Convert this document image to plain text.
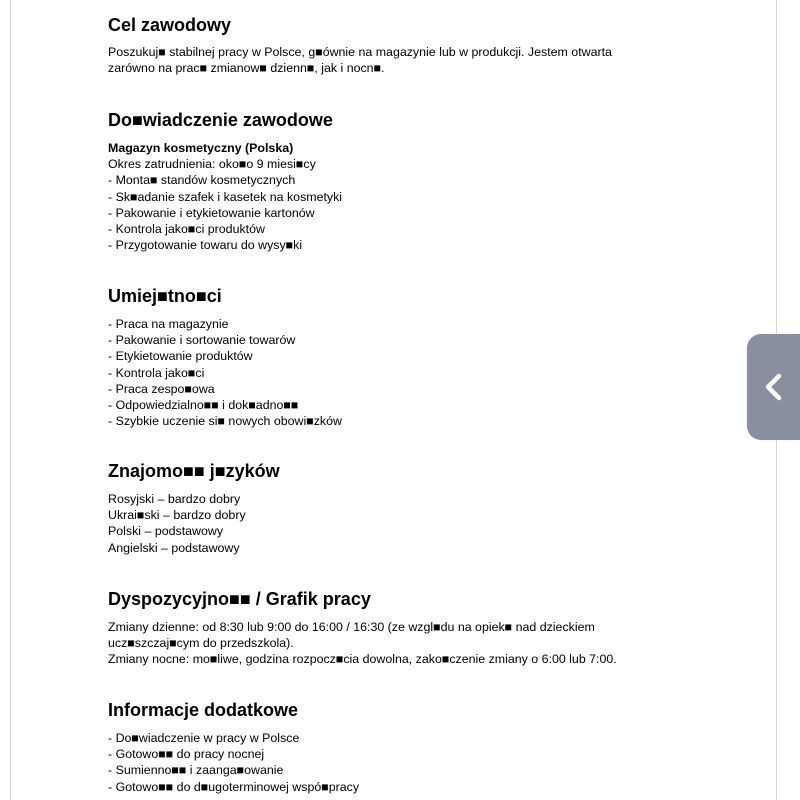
Cel zawodowy

Poszukuj■ stabilnej pracy w Polsce, g■ównie na magazynie lub w produkcji. Jestem otwarta
zarówno na prac■ zmianow■ dzienn■, jak i nocn■.

Do■wiadczenie zawodowe
Magazyn kosmetyczny (Polska)
Okres zatrudnienia: oko■o 9 miesi■cy
- Monta■ standów kosmetycznych
- Sk■adanie szafek i kasetek na kosmetyki
- Pakowanie i etykietowanie kartonów
- Kontrola jako■ci produktów
- Przygotowanie towaru do wysy■ki
Umiej■tno■ci
- Praca na magazynie
- Pakowanie i sortowanie towarów
- Etykietowanie produktów
- Kontrola jako■ci
- Praca zespo■owa
- Odpowiedzialno■■ i dok■adno■■
- Szybkie uczenie si■ nowych obowi■zków
Znajomo■■ j■zyków
Rosyjski – bardzo dobry
Ukrai■ski – bardzo dobry
Polski – podstawowy
Angielski – podstawowy
Dyspozycyjno■■ / Grafik pracy
Zmiany dzienne: od 8:30 lub 9:00 do 16:00 / 16:30 (ze wzgl■du na opiek■ nad dzieckiem
ucz■szczaj■cym do przedszkola).
Zmiany nocne: mo■liwe, godzina rozpocz■cia dowolna, zako■czenie zmiany o 6:00 lub 7:00.
Informacje dodatkowe
- Do■wiadczenie w pracy w Polsce
- Gotowo■■ do pracy nocnej
- Sumienno■■ i zaanga■owanie
- Gotowo■■ do d■ugoterminowej wspó■pracy
